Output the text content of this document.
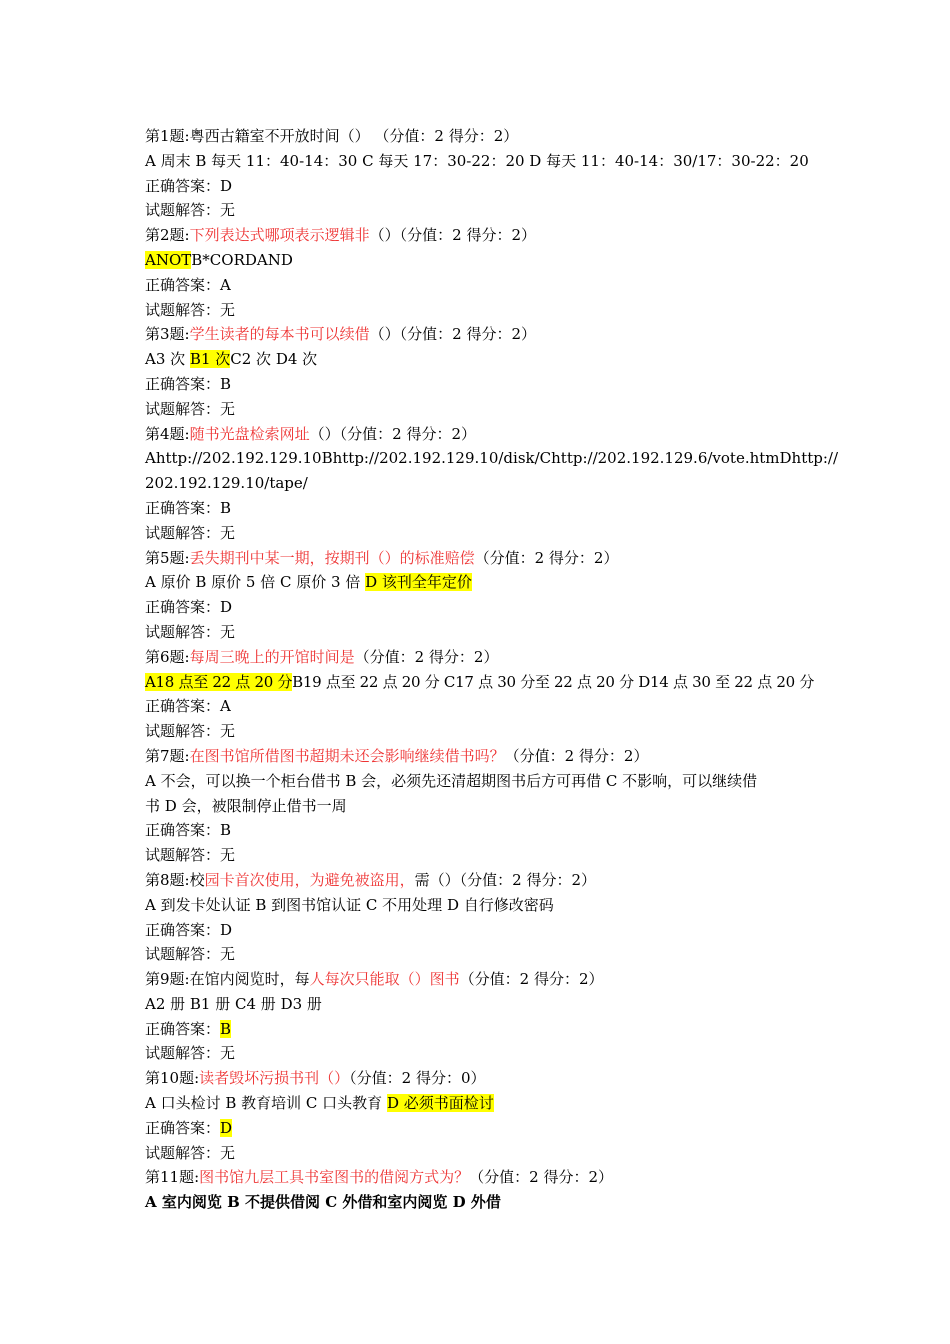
第1题:粤西古籍室不开放时间（） （分值：2 得分：2）
A 周末 B 每天 11：40-14：30 C 每天 17：30-22：20 D 每天 11：40-14：30/17：30-22：20
正确答案：D
试题解答：无
第2题:下列表达式哪项表示逻辑非（）（分值：2 得分：2）
ANOTB*CORDAND
正确答案：A
试题解答：无
第3题:学生读者的每本书可以续借（）（分值：2 得分：2）
A3 次 B1 次C2 次 D4 次
正确答案：B
试题解答：无
第4题:随书光盘检索网址（）（分值：2 得分：2）
Ahttp://202.192.129.10Bhttp://202.192.129.10/disk/Chttp://202.192.129.6/vote.htmDhttp://
202.192.129.10/tape/
正确答案：B
试题解答：无
第5题:丢失期刊中某一期，按期刊（）的标准赔偿（分值：2 得分：2）
A 原价 B 原价 5 倍 C 原价 3 倍 D 该刊全年定价
正确答案：D
试题解答：无
第6题:每周三晚上的开馆时间是（分值：2 得分：2）
A18 点至 22 点 20 分B19 点至 22 点 20 分 C17 点 30 分至 22 点 20 分 D14 点 30 至 22 点 20 分
正确答案：A
试题解答：无
第7题:在图书馆所借图书超期未还会影响继续借书吗？（分值：2 得分：2）
A 不会，可以换一个柜台借书 B 会，必须先还清超期图书后方可再借 C 不影响，可以继续借
书 D 会，被限制停止借书一周
正确答案：B
试题解答：无
第8题:校园卡首次使用，为避免被盗用，需（）（分值：2 得分：2）
A 到发卡处认证 B 到图书馆认证 C 不用处理 D 自行修改密码
正确答案：D
试题解答：无
第9题:在馆内阅览时，每人每次只能取（）图书（分值：2 得分：2）
A2 册 B1 册 C4 册 D3 册
正确答案：B
试题解答：无
第10题:读者毁坏污损书刊（）（分值：2 得分：0）
A 口头检讨 B 教育培训 C 口头教育 D 必须书面检讨
正确答案：D
试题解答：无
第11题:图书馆九层工具书室图书的借阅方式为？（分值：2 得分：2）
A 室内阅览 B 不提供借阅 C 外借和室内阅览 D 外借
